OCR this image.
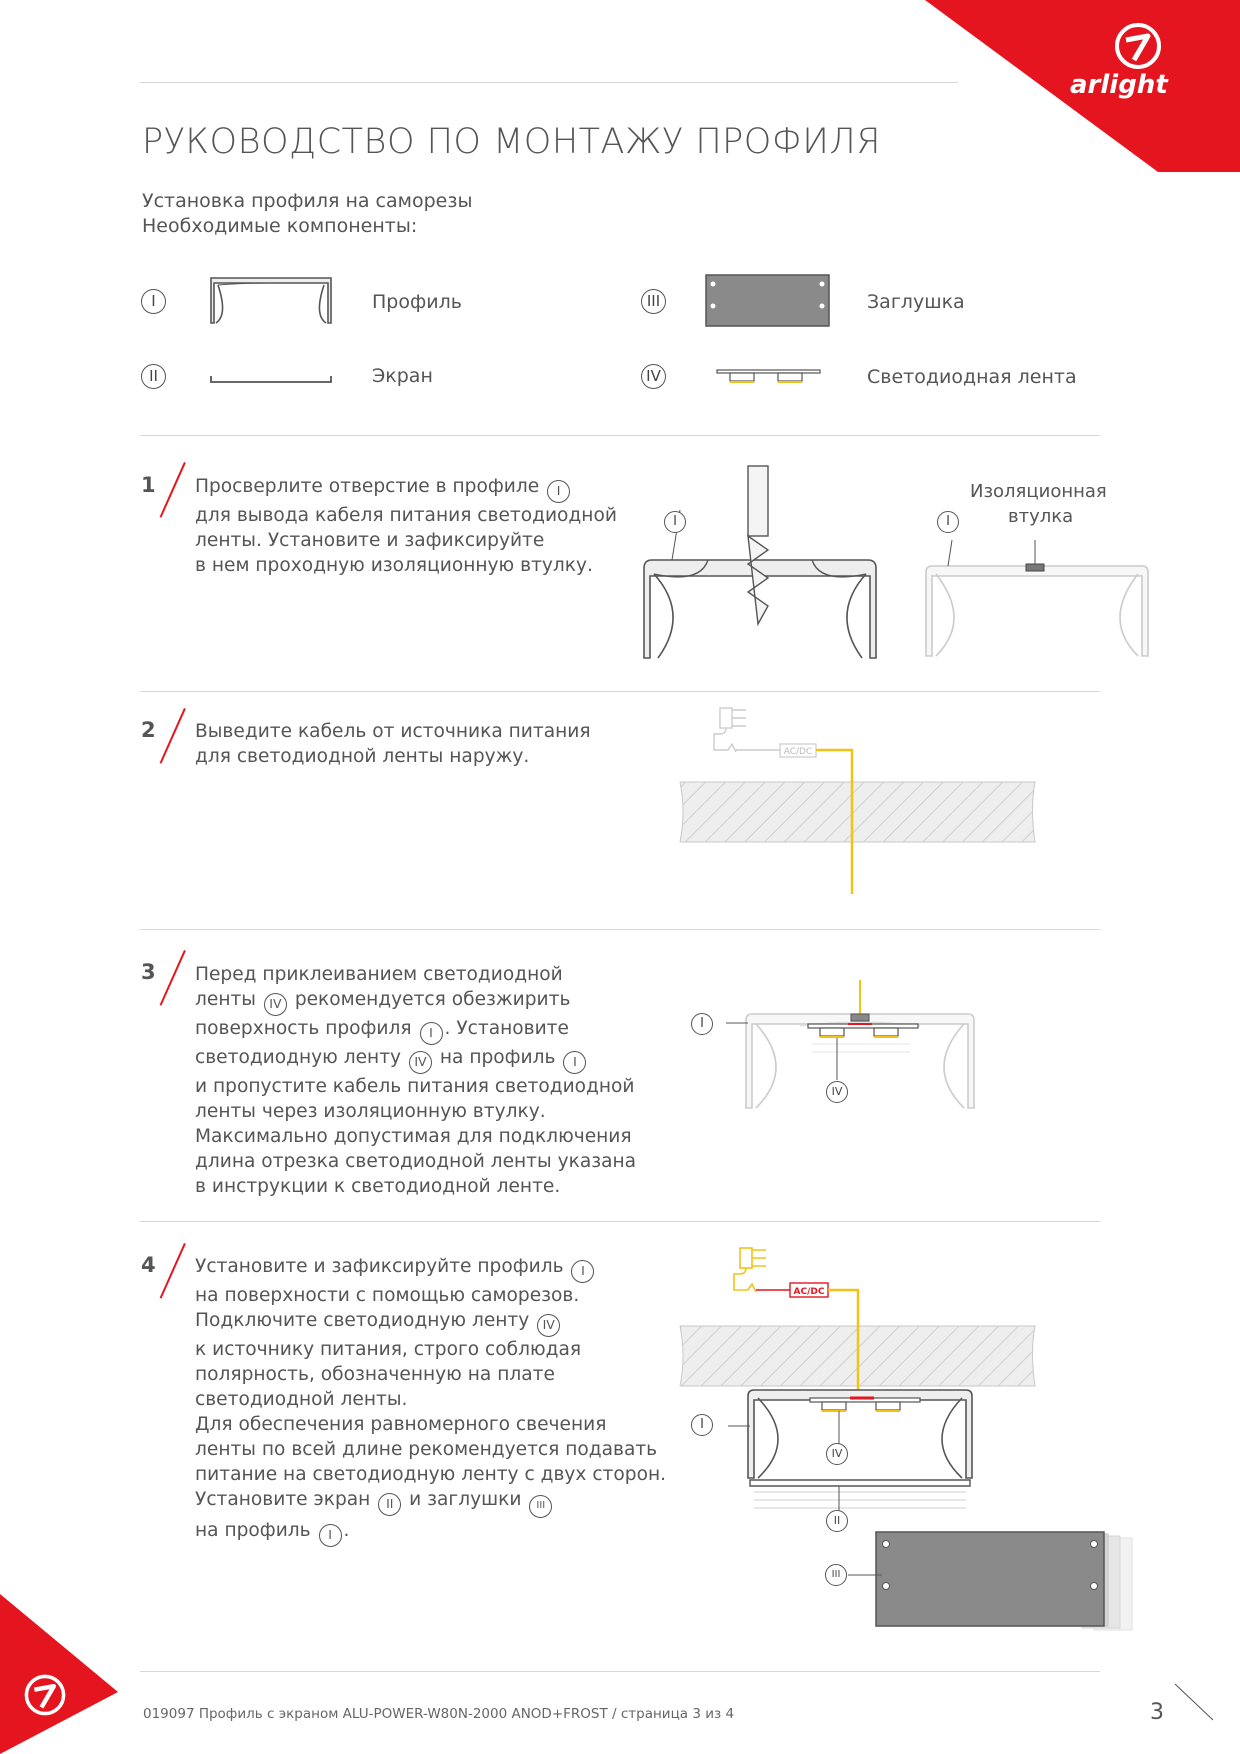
arlight
РУКОВОДСТВО ПО МОНТАЖУ ПРОФИЛЯ
Установка профиля на саморезы
Необходимые компоненты:
I	Профиль
II	Экран
III	Заглушка
IV	Светодиодная лента
1 Просверлите отверстие в профиле I

для вывода кабеля питания светодиодной

ленты. Установите и зафиксируйте

в нем проходную изоляционную втулку.

I	I
Изоляционная
втулка
2 Выведите кабель от источника питания

для светодиодной ленты наружу.	AC/DC
3 Перед приклеиванием светодиодной

ленты IV рекомендуется обезжирить

поверхность профиля I . Установите

светодиодную ленту IV на профиль I

и пропустите кабель питания светодиодной

ленты через изоляционную втулку.

Максимально допустимая для подключения

длина отрезка светодиодной ленты указана

в инструкции к светодиодной ленте.

I
IV
4 Установите и зафиксируйте профиль I

на поверхности с помощью саморезов.

Подключите светодиодную ленту IV

к источнику питания, строго соблюдая

полярность, обозначенную на плате

светодиодной ленты.

Для обеспечения равномерного свечения

ленты по всей длине рекомендуется подавать

питание на светодиодную ленту с двух сторон.

Установите экран II и заглушки III

на профиль I .

AC/DC
I
IV
II
III
019097 Профиль с экраном ALU-POWER-W80N-2000 ANOD+FROST / страница 3 из 4	3
